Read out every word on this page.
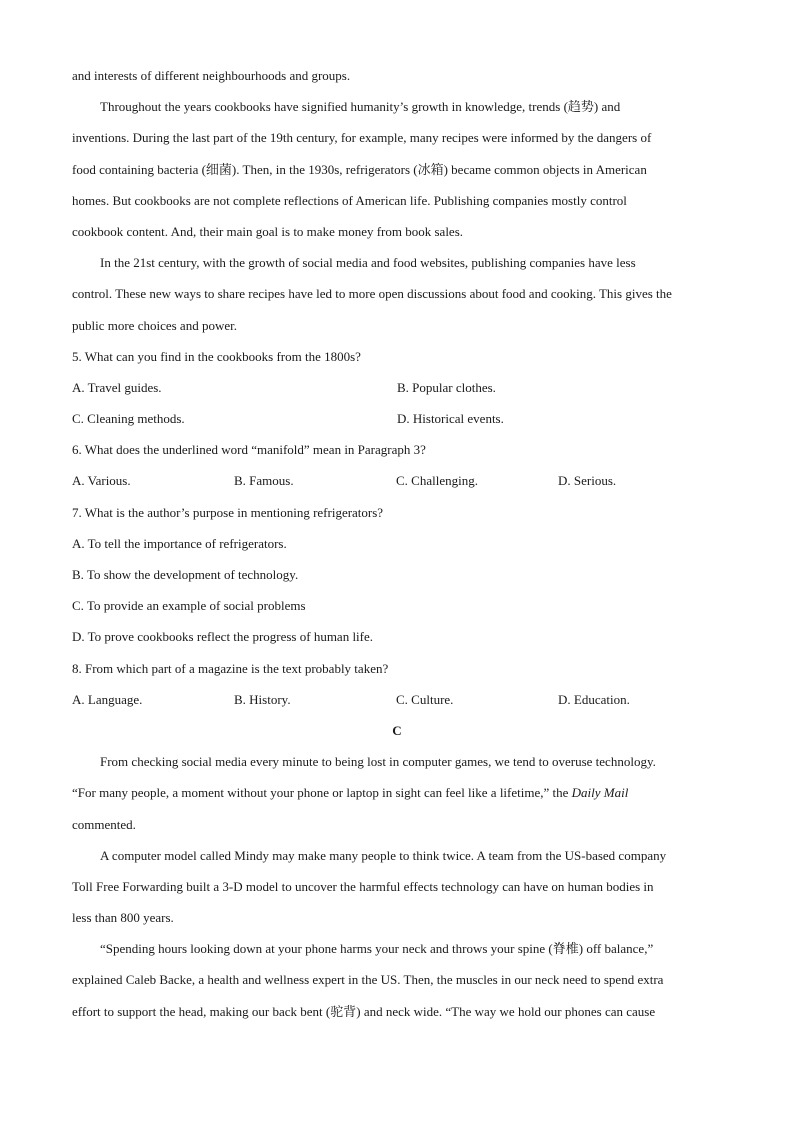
and interests of different neighbourhoods and groups.
Throughout the years cookbooks have signified humanity’s growth in knowledge, trends (趋势) and
inventions. During the last part of the 19th century, for example, many recipes were informed by the dangers of
food containing bacteria (细菌). Then, in the 1930s, refrigerators (冰箱) became common objects in American
homes. But cookbooks are not complete reflections of American life. Publishing companies mostly control
cookbook content. And, their main goal is to make money from book sales.
In the 21st century, with the growth of social media and food websites, publishing companies have less
control. These new ways to share recipes have led to more open discussions about food and cooking. This gives the
public more choices and power.
5. What can you find in the cookbooks from the 1800s?
A. Travel guides.	B. Popular clothes.
C. Cleaning methods.	D. Historical events.
6. What does the underlined word “manifold” mean in Paragraph 3?
A. Various.	B. Famous.	C. Challenging.	D. Serious.
7. What is the author’s purpose in mentioning refrigerators?
A. To tell the importance of refrigerators.
B. To show the development of technology.
C. To provide an example of social problems
D. To prove cookbooks reflect the progress of human life.
8. From which part of a magazine is the text probably taken?
A. Language.	B. History.	C. Culture.	D. Education.
C
From checking social media every minute to being lost in computer games, we tend to overuse technology.
“For many people, a moment without your phone or laptop in sight can feel like a lifetime,” the Daily Mail
commented.
A computer model called Mindy may make many people to think twice. A team from the US-based company
Toll Free Forwarding built a 3-D model to uncover the harmful effects technology can have on human bodies in
less than 800 years.
“Spending hours looking down at your phone harms your neck and throws your spine (脊椎) off balance,”
explained Caleb Backe, a health and wellness expert in the US. Then, the muscles in our neck need to spend extra
effort to support the head, making our back bent (驼背) and neck wide. “The way we hold our phones can cause
